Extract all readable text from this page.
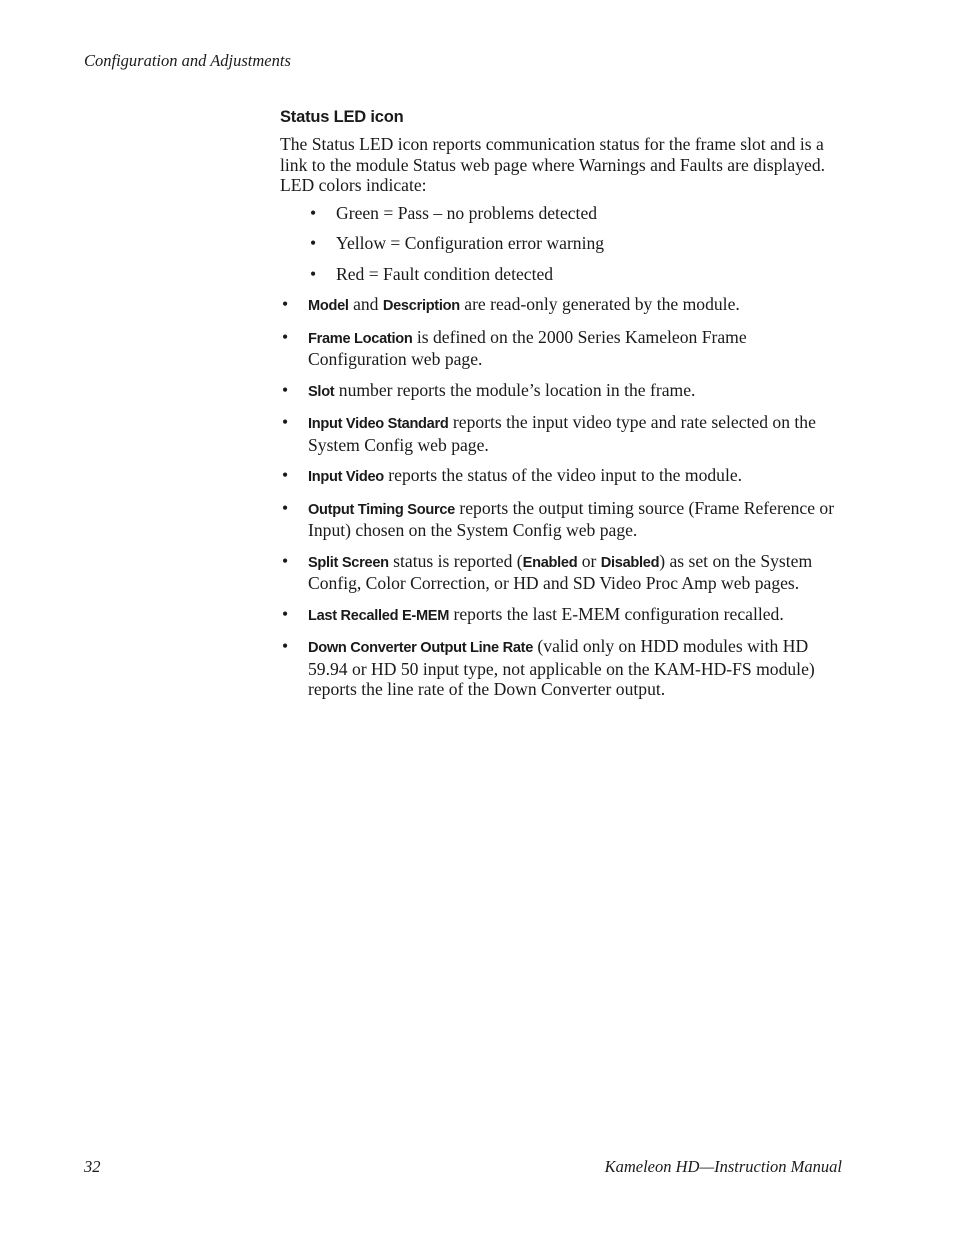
Configuration and Adjustments
Status LED icon

The Status LED icon reports communication status for the frame slot and is a link to the module Status web page where Warnings and Faults are displayed. LED colors indicate:

• Green = Pass – no problems detected
• Yellow = Configuration error warning
• Red = Fault condition detected
• Model and Description are read-only generated by the module.
• Frame Location is defined on the 2000 Series Kameleon Frame Configuration web page.
• Slot number reports the module’s location in the frame.
• Input Video Standard reports the input video type and rate selected on the System Config web page.
• Input Video reports the status of the video input to the module.
• Output Timing Source reports the output timing source (Frame Reference or Input) chosen on the System Config web page.
• Split Screen status is reported (Enabled or Disabled) as set on the System Config, Color Correction, or HD and SD Video Proc Amp web pages.
• Last Recalled E-MEM reports the last E-MEM configuration recalled.
• Down Converter Output Line Rate (valid only on HDD modules with HD 59.94 or HD 50 input type, not applicable on the KAM-HD-FS module) reports the line rate of the Down Converter output.
32	Kameleon HD—Instruction Manual
